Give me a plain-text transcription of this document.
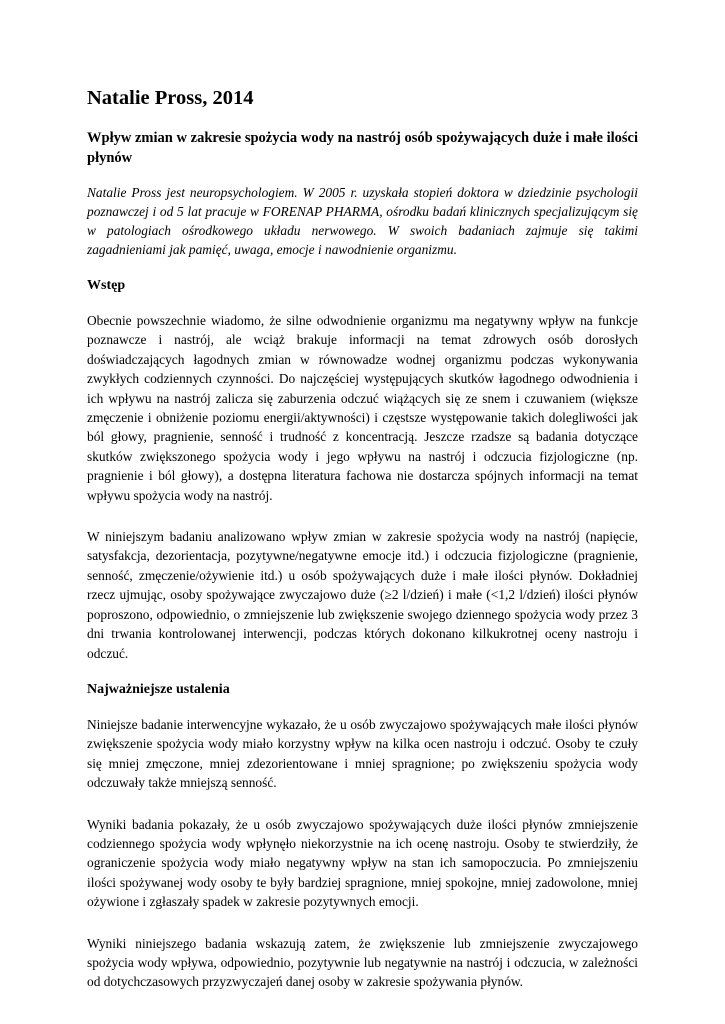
Natalie Pross, 2014
Wpływ zmian w zakresie spożycia wody na nastrój osób spożywających duże i małe ilości płynów

Natalie Pross jest neuropsychologiem. W 2005 r. uzyskała stopień doktora w dziedzinie psychologii poznawczej i od 5 lat pracuje w FORENAP PHARMA, ośrodku badań klinicznych specjalizującym się w patologiach ośrodkowego układu nerwowego. W swoich badaniach zajmuje się takimi zagadnieniami jak pamięć, uwaga, emocje i nawodnienie organizmu.

Wstęp

Obecnie powszechnie wiadomo, że silne odwodnienie organizmu ma negatywny wpływ na funkcje poznawcze i nastrój, ale wciąż brakuje informacji na temat zdrowych osób dorosłych doświadczających łagodnych zmian w równowadze wodnej organizmu podczas wykonywania zwykłych codziennych czynności. Do najczęściej występujących skutków łagodnego odwodnienia i ich wpływu na nastrój zalicza się zaburzenia odczuć wiążących się ze snem i czuwaniem (większe zmęczenie i obniżenie poziomu energii/aktywności) i częstsze występowanie takich dolegliwości jak ból głowy, pragnienie, senność i trudność z koncentracją. Jeszcze rzadsze są badania dotyczące skutków zwiększonego spożycia wody i jego wpływu na nastrój i odczucia fizjologiczne (np. pragnienie i ból głowy), a dostępna literatura fachowa nie dostarcza spójnych informacji na temat wpływu spożycia wody na nastrój.

W niniejszym badaniu analizowano wpływ zmian w zakresie spożycia wody na nastrój (napięcie, satysfakcja, dezorientacja, pozytywne/negatywne emocje itd.) i odczucia fizjologiczne (pragnienie, senność, zmęczenie/ożywienie itd.) u osób spożywających duże i małe ilości płynów. Dokładniej rzecz ujmując, osoby spożywające zwyczajowo duże (≥2 l/dzień) i małe (<1,2 l/dzień) ilości płynów poproszono, odpowiednio, o zmniejszenie lub zwiększenie swojego dziennego spożycia wody przez 3 dni trwania kontrolowanej interwencji, podczas których dokonano kilkukrotnej oceny nastroju i odczuć.

Najważniejsze ustalenia

Niniejsze badanie interwencyjne wykazało, że u osób zwyczajowo spożywających małe ilości płynów zwiększenie spożycia wody miało korzystny wpływ na kilka ocen nastroju i odczuć. Osoby te czuły się mniej zmęczone, mniej zdezorientowane i mniej spragnione; po zwiększeniu spożycia wody odczuwały także mniejszą senność.

Wyniki badania pokazały, że u osób zwyczajowo spożywających duże ilości płynów zmniejszenie codziennego spożycia wody wpłynęło niekorzystnie na ich ocenę nastroju. Osoby te stwierdziły, że ograniczenie spożycia wody miało negatywny wpływ na stan ich samopoczucia. Po zmniejszeniu ilości spożywanej wody osoby te były bardziej spragnione, mniej spokojne, mniej zadowolone, mniej ożywione i zgłaszały spadek w zakresie pozytywnych emocji.

Wyniki niniejszego badania wskazują zatem, że zwiększenie lub zmniejszenie zwyczajowego spożycia wody wpływa, odpowiednio, pozytywnie lub negatywnie na nastrój i odczucia, w zależności od dotychczasowych przyzwyczajeń danej osoby w zakresie spożywania płynów.
